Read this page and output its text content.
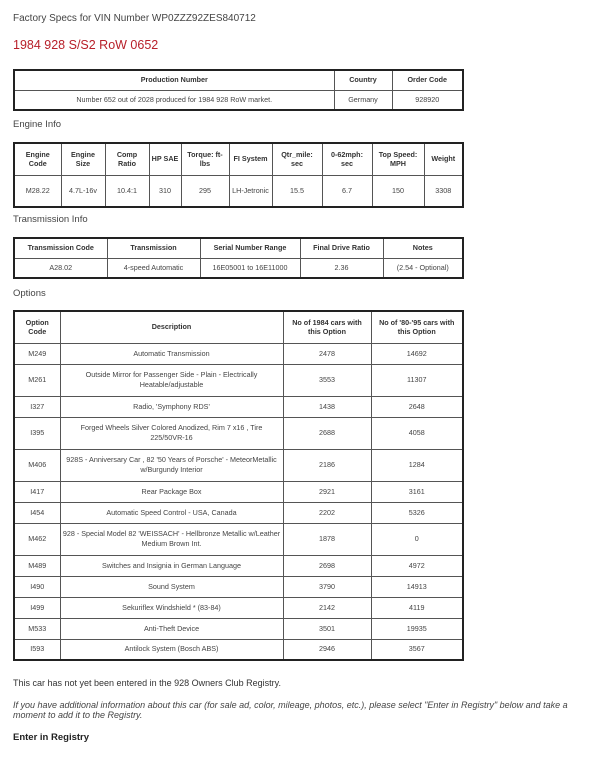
Factory Specs for VIN Number WP0ZZZ92ZES840712
1984 928 S/S2 RoW 0652
Production Number	Country	Order Code
Number 652 out of 2028 produced for 1984 928 RoW market.	Germany	928920
Engine Info
Engine Code	Engine Size	Comp Ratio	HP SAE	Torque: ft-lbs	FI System	Qtr_mile: sec	0-62mph: sec	Top Speed: MPH	Weight
M28.22	4.7L-16v	10.4:1	310	295	LH-Jetronic	15.5	6.7	150	3308
Transmission Info
Transmission Code	Transmission	Serial Number Range	Final Drive Ratio	Notes
A28.02	4-speed Automatic	16E05001 to 16E11000	2.36	(2.54 - Optional)
Options
Option Code	Description	No of 1984 cars with this Option	No of '80-'95 cars with this Option
M249	Automatic Transmission	2478	14692
M261	Outside Mirror for Passenger Side - Plain - Electrically Heatable/adjustable	3553	11307
I327	Radio, 'Symphony RDS'	1438	2648
I395	Forged Wheels Silver Colored Anodized, Rim 7 x16 , Tire 225/50VR-16	2688	4058
M406	928S - Anniversary Car , 82 '50 Years of Porsche' - MeteorMetallic w/Burgundy Interior	2186	1284
I417	Rear Package Box	2921	3161
I454	Automatic Speed Control - USA, Canada	2202	5326
M462	928 - Special Model 82 'WEISSACH' - Hellbronze Metallic w/Leather Medium Brown Int.	1878	0
M489	Switches and Insignia in German Language	2698	4972
I490	Sound System	3790	14913
I499	Sekuriflex Windshield * (83-84)	2142	4119
M533	Anti-Theft Device	3501	19935
I593	Antilock System (Bosch ABS)	2946	3567
This car has not yet been entered in the 928 Owners Club Registry.
If you have additional information about this car (for sale ad, color, mileage, photos, etc.), please select "Enter in Registry" below and take a moment to add it to the Registry.
Enter in Registry
